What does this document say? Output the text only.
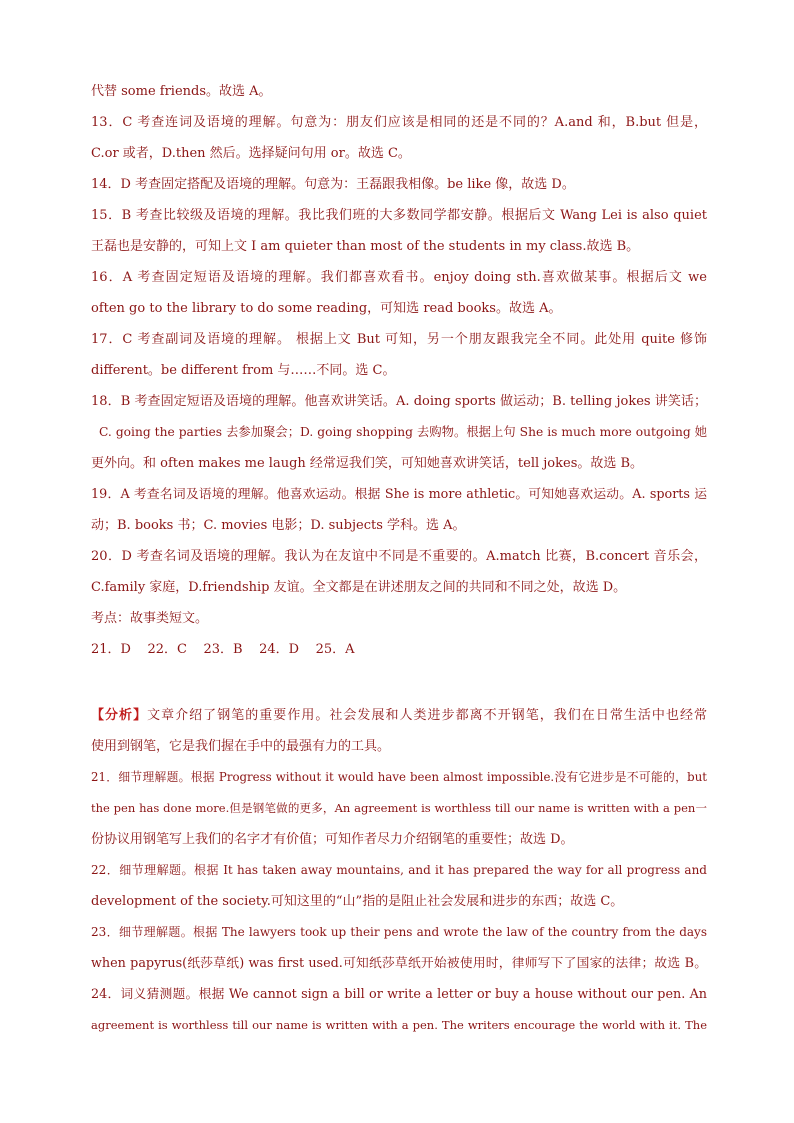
代替 some friends。故选 A。
13．C 考查连词及语境的理解。句意为：朋友们应该是相同的还是不同的？A.and 和，B.but 但是，
C.or 或者，D.then 然后。选择疑问句用 or。故选 C。
14．D 考查固定搭配及语境的理解。句意为：王磊跟我相像。be like 像，故选 D。
15．B 考查比较级及语境的理解。我比我们班的大多数同学都安静。根据后文 Wang Lei is also quiet
王磊也是安静的，可知上文 I am quieter than most of the students in my class.故选 B。
16．A 考查固定短语及语境的理解。我们都喜欢看书。enjoy doing sth.喜欢做某事。根据后文 we
often go to the library to do some reading，可知选 read books。故选 A。
17．C 考查副词及语境的理解。 根据上文 But 可知，另一个朋友跟我完全不同。此处用 quite 修饰
different。be different from 与……不同。选 C。
18．B 考查固定短语及语境的理解。他喜欢讲笑话。A. doing sports 做运动；B. telling jokes 讲笑话；
C. going the parties 去参加聚会；D. going shopping 去购物。根据上句 She is much more outgoing 她
更外向。和 often makes me laugh 经常逗我们笑，可知她喜欢讲笑话，tell jokes。故选 B。
19．A 考查名词及语境的理解。他喜欢运动。根据 She is more athletic。可知她喜欢运动。A. sports 运
动；B. books 书；C. movies 电影；D. subjects 学科。选 A。
20．D 考查名词及语境的理解。我认为在友谊中不同是不重要的。A.match 比赛，B.concert 音乐会，
C.family 家庭，D.friendship 友谊。全文都是在讲述朋友之间的共同和不同之处，故选 D。
考点：故事类短文。
21．D    22．C    23．B    24．D    25．A
【分析】文章介绍了钢笔的重要作用。社会发展和人类进步都离不开钢笔，我们在日常生活中也经常
使用到钢笔，它是我们握在手中的最强有力的工具。
21．细节理解题。根据 Progress without it would have been almost impossible.没有它进步是不可能的，but
the pen has done more.但是钢笔做的更多，An agreement is worthless till our name is written with a pen一
份协议用钢笔写上我们的名字才有价值；可知作者尽力介绍钢笔的重要性；故选 D。
22．细节理解题。根据 It has taken away mountains, and it has prepared the way for all progress and
development of the society.可知这里的“山”指的是阻止社会发展和进步的东西；故选 C。
23．细节理解题。根据 The lawyers took up their pens and wrote the law of the country from the days
when papyrus(纸莎草纸) was first used.可知纸莎草纸开始被使用时，律师写下了国家的法律；故选 B。
24．词义猜测题。根据 We cannot sign a bill or write a letter or buy a house without our pen. An
agreement is worthless till our name is written with a pen. The writers encourage the world with it. The
